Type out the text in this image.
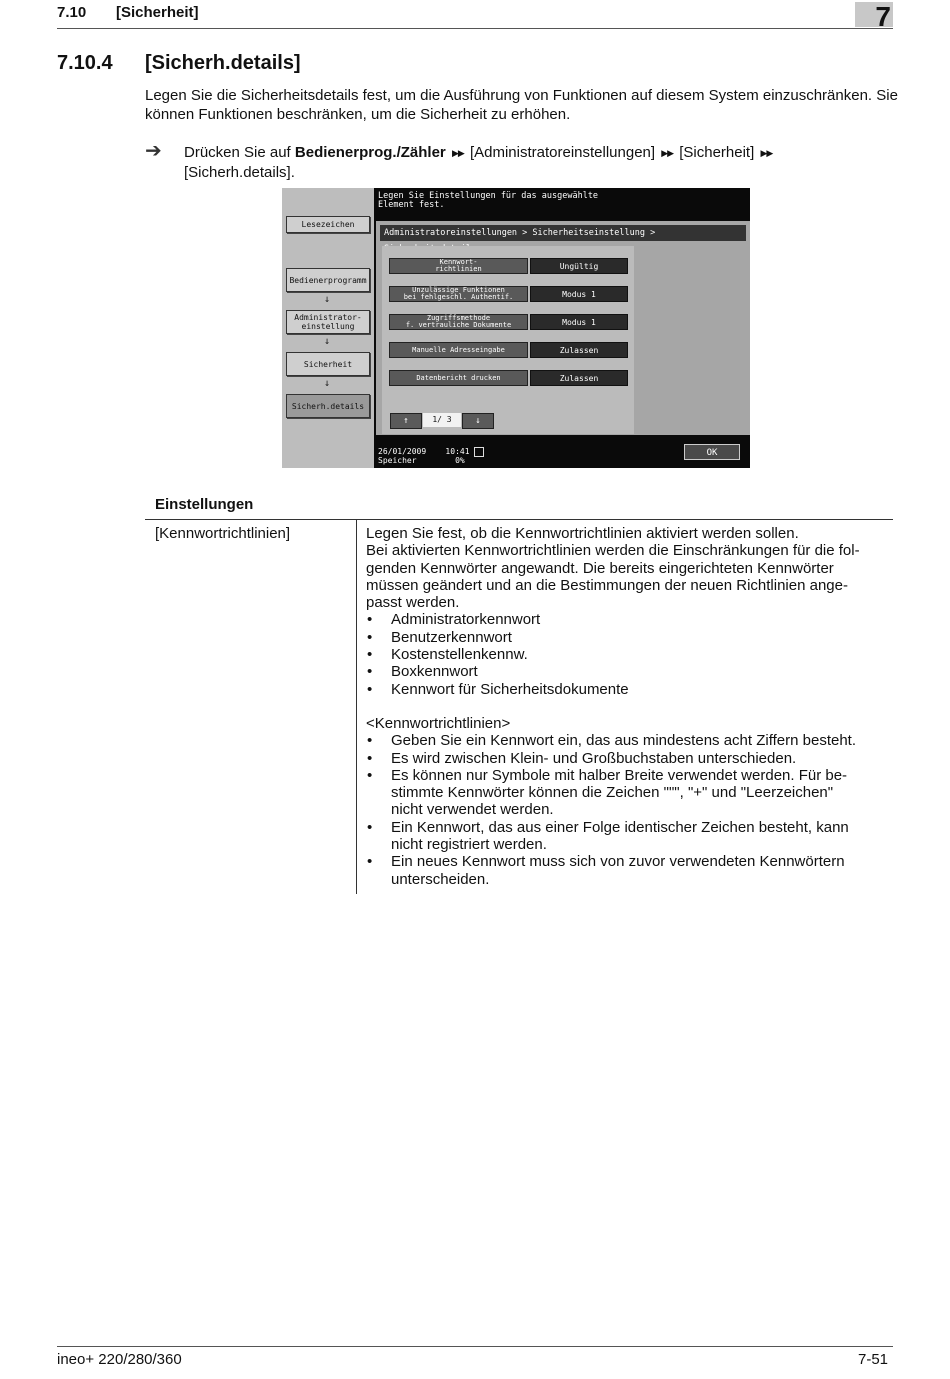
7.10 [Sicherheit]	7
7.10.4 [Sicherh.details]
Legen Sie die Sicherheitsdetails fest, um die Ausführung von Funktionen auf diesem System einzuschränken. Sie können Funktionen beschränken, um die Sicherheit zu erhöhen.
➔ Drücken Sie auf Bedienerprog./Zähler ▶▶ [Administratoreinstellungen] ▶▶ [Sicherheit] ▶▶
[Sicherh.details].
Lesezeichen
Bedienerprogramm
↓
Administrator-
einstellung
↓
Sicherheit
↓
Sicherh.details
Legen Sie Einstellungen für das ausgewählte
Element fest.
Administratoreinstellungen > Sicherheitseinstellung >
Kennwort-
richtlinien	Ungültig
Unzulässige Funktionen
bei fehlgeschl. Authentif.	Modus 1
Zugriffsmethode
f. vertrauliche Dokumente	Modus 1
Manuelle Adresseingabe	Zulassen
Datenbericht drucken	Zulassen
↑	1/ 3	↓
26/01/2009    10:41
Speicher        0%
OK
Einstellungen
[Kennwortrichtlinien]	Legen Sie fest, ob die Kennwortrichtlinien aktiviert werden sollen.

Bei aktivierten Kennwortrichtlinien werden die Einschränkungen für die fol-
genden Kennwörter angewandt. Die bereits eingerichteten Kennwörter
müssen geändert und an die Bestimmungen der neuen Richtlinien ange-
passt werden.

• Administratorkennwort
• Benutzerkennwort
• Kostenstellenkennw.
• Boxkennwort
• Kennwort für Sicherheitsdokumente

<Kennwortrichtlinien>

• Geben Sie ein Kennwort ein, das aus mindestens acht Ziffern besteht.
• Es wird zwischen Klein- und Großbuchstaben unterschieden.
• Es können nur Symbole mit halber Breite verwendet werden. Für be-
stimmte Kennwörter können die Zeichen """, "+" und "Leerzeichen"
nicht verwendet werden.
• Ein Kennwort, das aus einer Folge identischer Zeichen besteht, kann
nicht registriert werden.
• Ein neues Kennwort muss sich von zuvor verwendeten Kennwörtern
unterscheiden.
ineo+ 220/280/360	7-51
